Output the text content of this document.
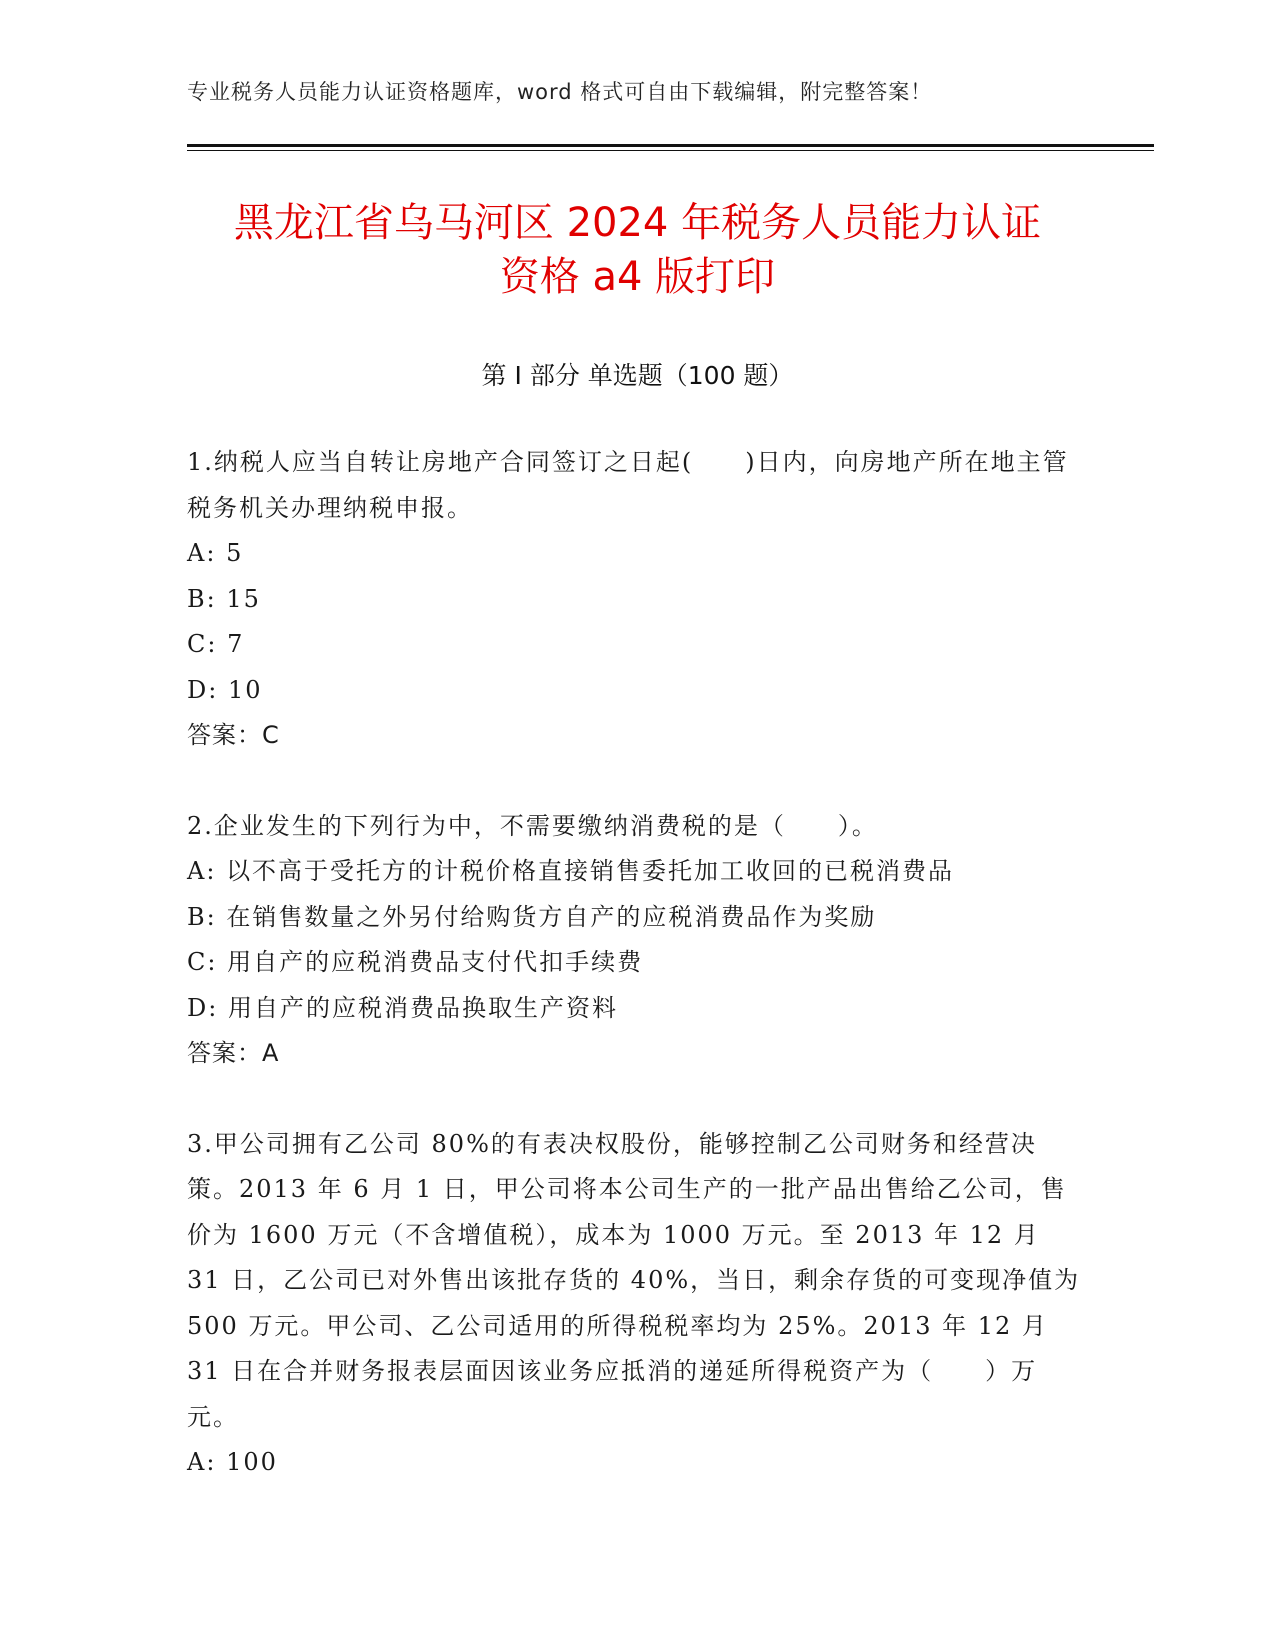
专业税务人员能力认证资格题库，word 格式可自由下载编辑，附完整答案！
黑龙江省乌马河区 2024 年税务人员能力认证
资格 a4 版打印
第 I 部分 单选题（100 题）

1.纳税人应当自转让房地产合同签订之日起(　　)日内，向房地产所在地主管税务机关办理纳税申报。

A: 5

B: 15

C: 7

D: 10

答案：C

2.企业发生的下列行为中，不需要缴纳消费税的是（　　）。

A: 以不高于受托方的计税价格直接销售委托加工收回的已税消费品

B: 在销售数量之外另付给购货方自产的应税消费品作为奖励

C: 用自产的应税消费品支付代扣手续费

D: 用自产的应税消费品换取生产资料

答案：A

3.甲公司拥有乙公司 80%的有表决权股份，能够控制乙公司财务和经营决策。2013 年 6 月 1 日，甲公司将本公司生产的一批产品出售给乙公司，售价为 1600 万元（不含增值税），成本为 1000 万元。至 2013 年 12 月 31 日，乙公司已对外售出该批存货的 40%，当日，剩余存货的可变现净值为 500 万元。甲公司、乙公司适用的所得税税率均为 25%。2013 年 12 月 31 日在合并财务报表层面因该业务应抵消的递延所得税资产为（　　）万元。

A: 100
